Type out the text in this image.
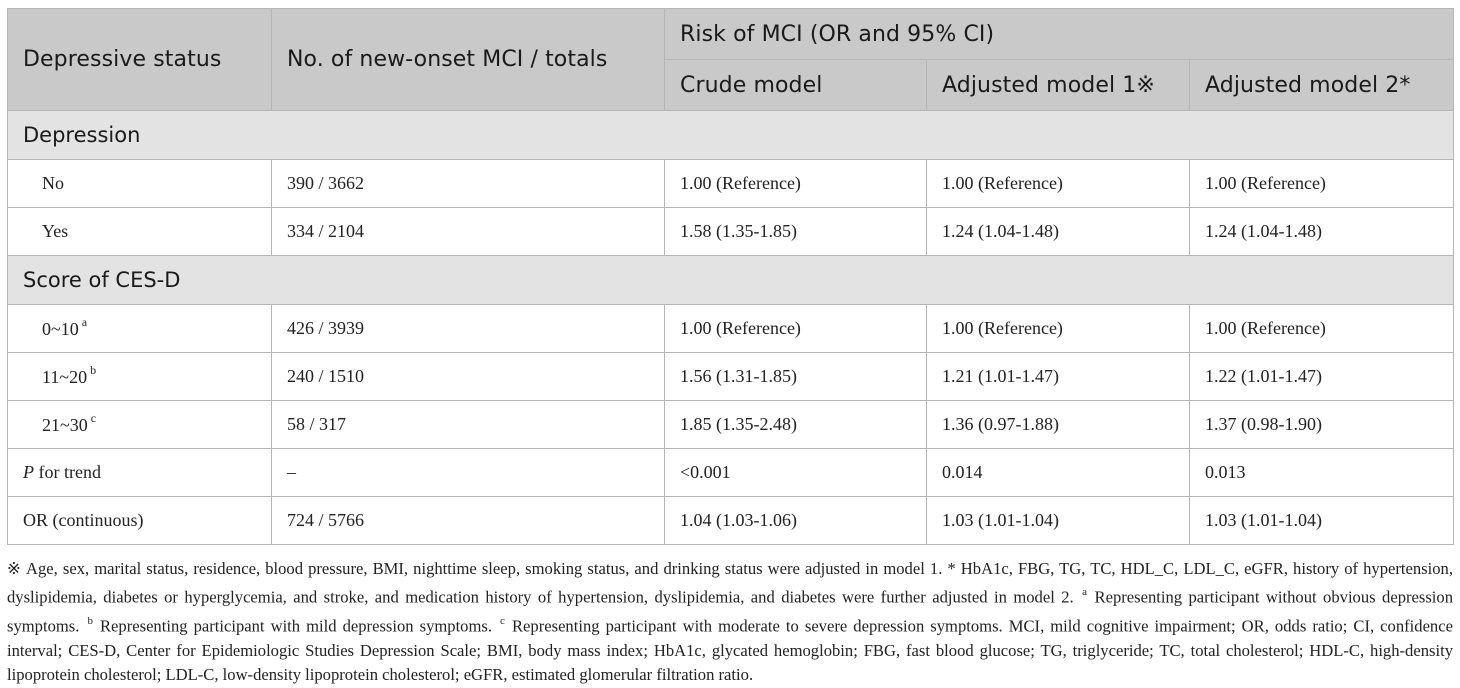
Depressive status	No. of new-onset MCI / totals	Risk of MCI (OR and 95% CI)		
		Crude model	Adjusted model 1※	Adjusted model 2*
Depression				
No	390 / 3662	1.00 (Reference)	1.00 (Reference)	1.00 (Reference)
Yes	334 / 2104	1.58 (1.35-1.85)	1.24 (1.04-1.48)	1.24 (1.04-1.48)
Score of CES-D				
0~10 $^a$	426 / 3939	1.00 (Reference)	1.00 (Reference)	1.00 (Reference)
11~20 $^b$	240 / 1510	1.56 (1.31-1.85)	1.21 (1.01-1.47)	1.22 (1.01-1.47)
21~30 $^c$	58 / 317	1.85 (1.35-2.48)	1.36 (0.97-1.88)	1.37 (0.98-1.90)
P for trend	–	<0.001	0.014	0.013
OR (continuous)	724 / 5766	1.04 (1.03-1.06)	1.03 (1.01-1.04)	1.03 (1.01-1.04)
※ Age, sex, marital status, residence, blood pressure, BMI, nighttime sleep, smoking status, and drinking status were adjusted in model 1. * HbA1c, FBG, TG, TC, HDL_C, LDL_C, eGFR, history of hypertension, dyslipidemia, diabetes or hyperglycemia, and stroke, and medication history of hypertension, dyslipidemia, and diabetes were further adjusted in model 2. $^a$ Representing participant without obvious depression symptoms. $^b$ Representing participant with mild depression symptoms. $^c$ Representing participant with moderate to severe depression symptoms. MCI, mild cognitive impairment; OR, odds ratio; CI, confidence interval; CES-D, Center for Epidemiologic Studies Depression Scale; BMI, body mass index; HbA1c, glycated hemoglobin; FBG, fast blood glucose; TG, triglyceride; TC, total cholesterol; HDL-C, high-density lipoprotein cholesterol; LDL-C, low-density lipoprotein cholesterol; eGFR, estimated glomerular filtration ratio.
